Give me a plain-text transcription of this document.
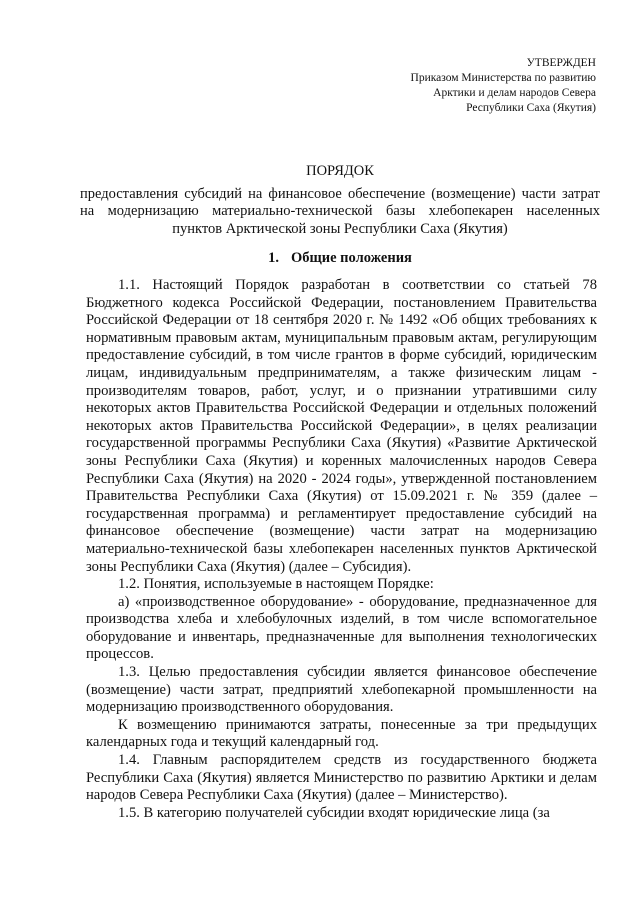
УТВЕРЖДЕН
Приказом Министерства по развитию
Арктики и делам народов Севера
Республики Саха (Якутия)

ПОРЯДОК

предоставления субсидий на финансовое обеспечение (возмещение) части затрат на модернизацию материально-технической базы хлебопекарен населенных пунктов Арктической зоны Республики Саха (Якутия)

1. Общие положения

1.1. Настоящий Порядок разработан в соответствии со статьей 78 Бюджетного кодекса Российской Федерации, постановлением Правительства Российской Федерации от 18 сентября 2020 г. № 1492 «Об общих требованиях к нормативным правовым актам, муниципальным правовым актам, регулирующим предоставление субсидий, в том числе грантов в форме субсидий, юридическим лицам, индивидуальным предпринимателям, а также физическим лицам - производителям товаров, работ, услуг, и о признании утратившими силу некоторых актов Правительства Российской Федерации и отдельных положений некоторых актов Правительства Российской Федерации», в целях реализации государственной программы Республики Саха (Якутия) «Развитие Арктической зоны Республики Саха (Якутия) и коренных малочисленных народов Севера Республики Саха (Якутия) на 2020 - 2024 годы», утвержденной постановлением Правительства Республики Саха (Якутия) от 15.09.2021 г. № 359 (далее – государственная программа) и регламентирует предоставление субсидий на финансовое обеспечение (возмещение) части затрат на модернизацию материально-технической базы хлебопекарен населенных пунктов Арктической зоны Республики Саха (Якутия) (далее – Субсидия).

1.2. Понятия, используемые в настоящем Порядке:

а) «производственное оборудование» - оборудование, предназначенное для производства хлеба и хлебобулочных изделий, в том числе вспомогательное оборудование и инвентарь, предназначенные для выполнения технологических процессов.

1.3. Целью предоставления субсидии является финансовое обеспечение (возмещение) части затрат, предприятий хлебопекарной промышленности на модернизацию производственного оборудования.

К возмещению принимаются затраты, понесенные за три предыдущих календарных года и текущий календарный год.

1.4. Главным распорядителем средств из государственного бюджета Республики Саха (Якутия) является Министерство по развитию Арктики и делам народов Севера Республики Саха (Якутия) (далее – Министерство).

1.5. В категорию получателей субсидии входят юридические лица (за
